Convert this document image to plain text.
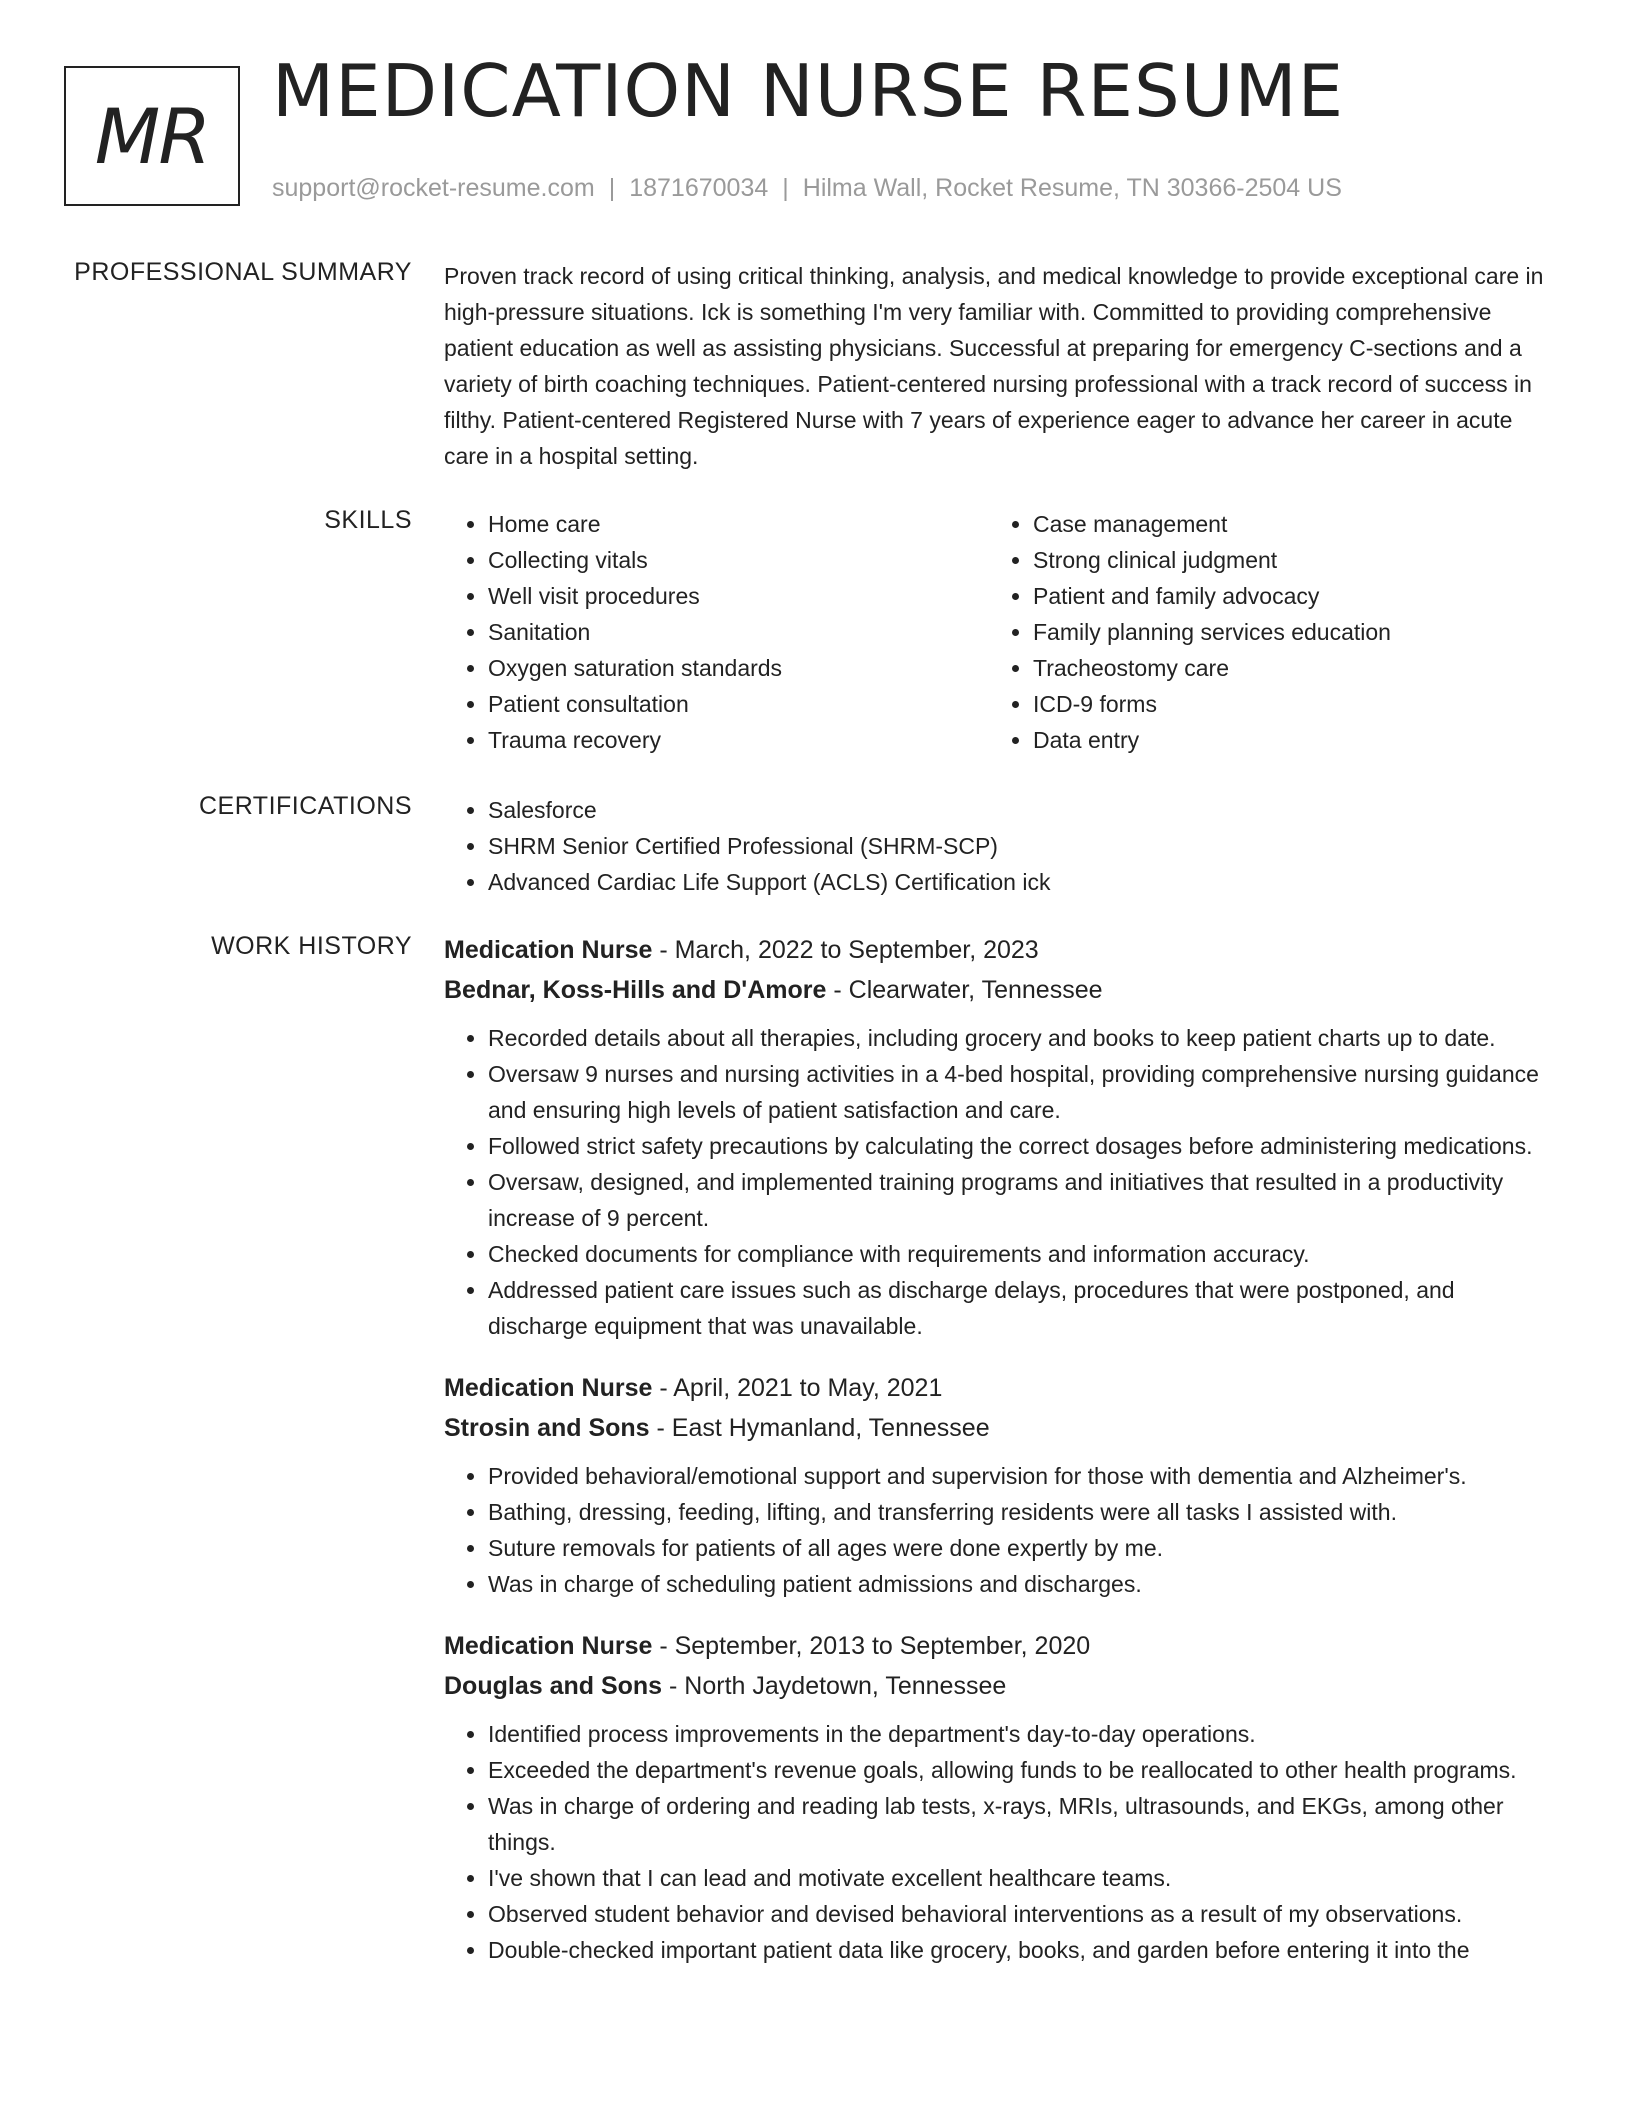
MR
MEDICATION NURSE RESUME
support@rocket-resume.com | 1871670034 | Hilma Wall, Rocket Resume, TN 30366-2504 US
PROFESSIONAL SUMMARY Proven track record of using critical thinking, analysis, and medical knowledge to provide exceptional care in high-pressure situations. Ick is something I'm very familiar with. Committed to providing comprehensive patient education as well as assisting physicians. Successful at preparing for emergency C-sections and a variety of birth coaching techniques. Patient-centered nursing professional with a track record of success in filthy. Patient-centered Registered Nurse with 7 years of experience eager to advance her career in acute care in a hospital setting.
SKILLS	• Home care
• Collecting vitals
• Well visit procedures
• Sanitation
• Oxygen saturation standards
• Patient consultation
• Trauma recovery
• Case management
• Strong clinical judgment
• Patient and family advocacy
• Family planning services education
• Tracheostomy care
• ICD-9 forms
• Data entry
CERTIFICATIONS	• Salesforce
• SHRM Senior Certified Professional (SHRM-SCP)
• Advanced Cardiac Life Support (ACLS) Certification ick
WORK HISTORY Medication Nurse - March, 2022 to September, 2023
Bednar, Koss-Hills and D'Amore - Clearwater, Tennessee
• Recorded details about all therapies, including grocery and books to keep patient charts up to date.
• Oversaw 9 nurses and nursing activities in a 4-bed hospital, providing comprehensive nursing guidance and ensuring high levels of patient satisfaction and care.
• Followed strict safety precautions by calculating the correct dosages before administering medications.
• Oversaw, designed, and implemented training programs and initiatives that resulted in a productivity increase of 9 percent.
• Checked documents for compliance with requirements and information accuracy.
• Addressed patient care issues such as discharge delays, procedures that were postponed, and discharge equipment that was unavailable.
Medication Nurse - April, 2021 to May, 2021
Strosin and Sons - East Hymanland, Tennessee
• Provided behavioral/emotional support and supervision for those with dementia and Alzheimer's.
• Bathing, dressing, feeding, lifting, and transferring residents were all tasks I assisted with.
• Suture removals for patients of all ages were done expertly by me.
• Was in charge of scheduling patient admissions and discharges.
Medication Nurse - September, 2013 to September, 2020
Douglas and Sons - North Jaydetown, Tennessee
• Identified process improvements in the department's day-to-day operations.
• Exceeded the department's revenue goals, allowing funds to be reallocated to other health programs.
• Was in charge of ordering and reading lab tests, x-rays, MRIs, ultrasounds, and EKGs, among other things.
• I've shown that I can lead and motivate excellent healthcare teams.
• Observed student behavior and devised behavioral interventions as a result of my observations.
• Double-checked important patient data like grocery, books, and garden before entering it into the
